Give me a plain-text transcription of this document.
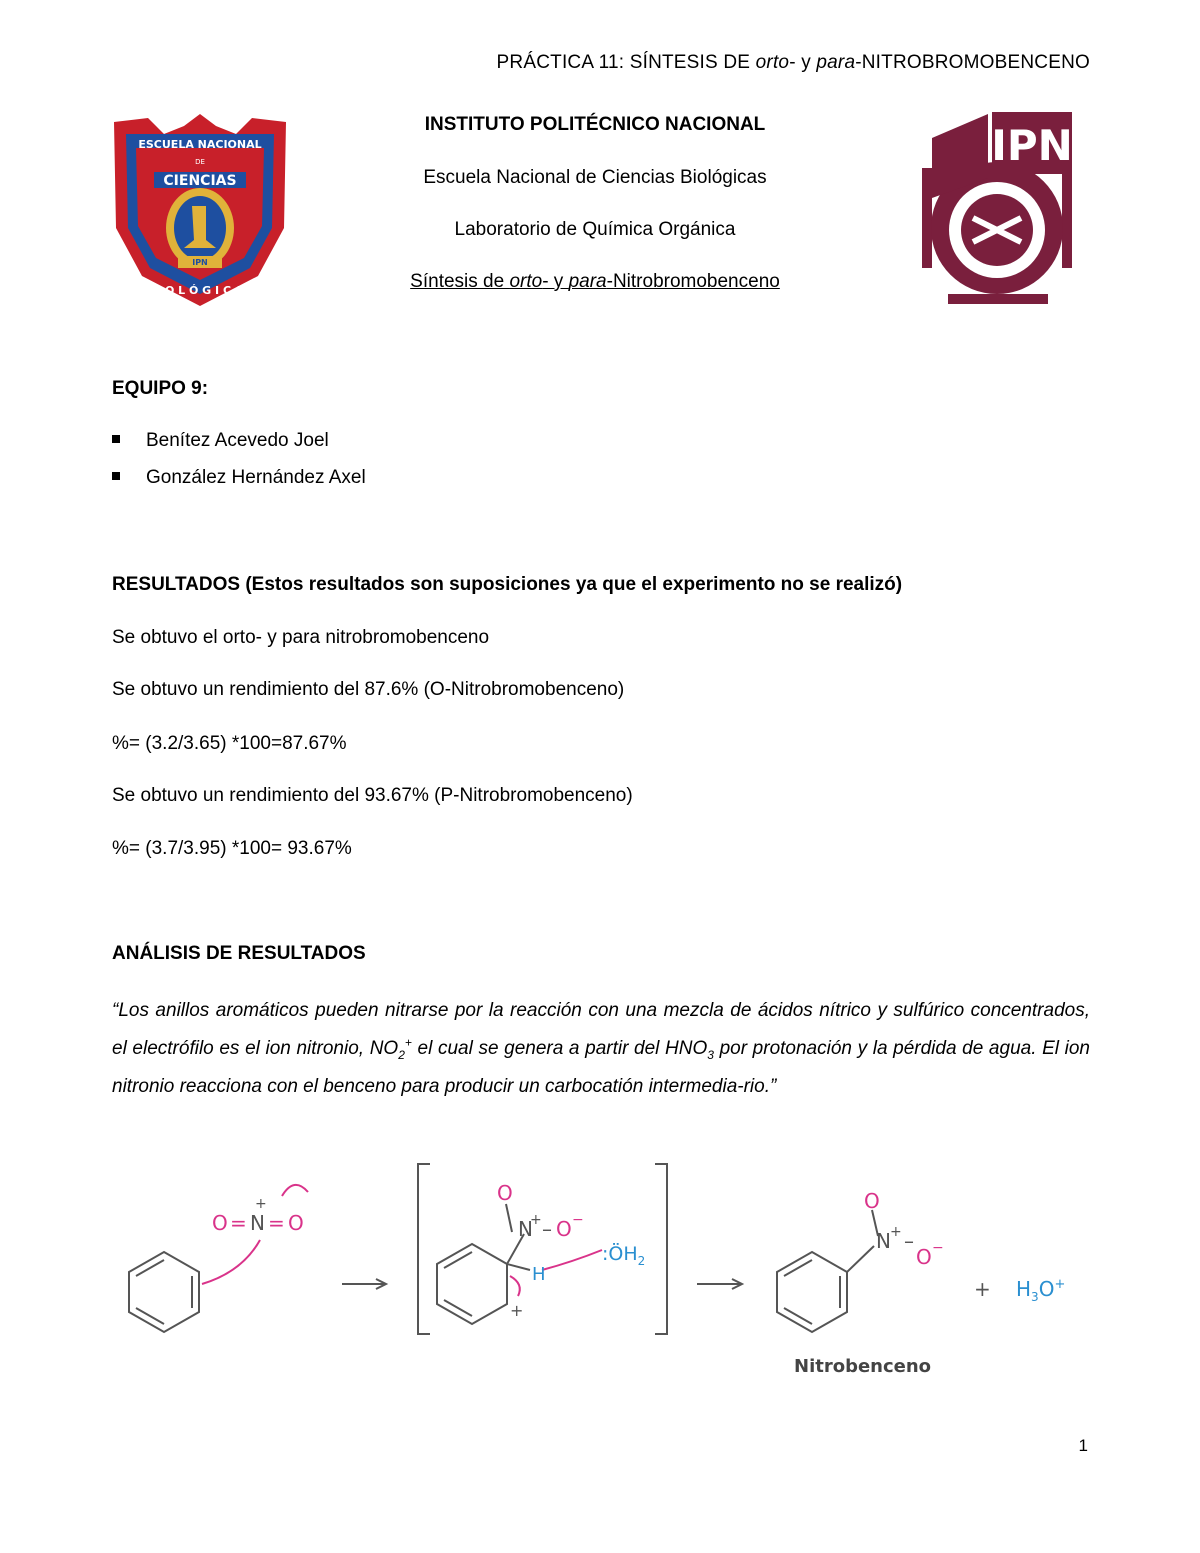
PRÁCTICA 11: SÍNTESIS DE orto- y para-NITROBROMOBENCENO
ESCUELA NACIONAL
DE
CIENCIAS
B I O L Ó G I C A S
IPN
INSTITUTO POLITÉCNICO NACIONAL
Escuela Nacional de Ciencias Biológicas
Laboratorio de Química Orgánica
Síntesis de orto- y para-Nitrobromobenceno
IPN
EQUIPO 9:
Benítez Acevedo Joel
González Hernández Axel
RESULTADOS (Estos resultados son suposiciones ya que el experimento no se realizó)
Se obtuvo el orto- y para nitrobromobenceno
Se obtuvo un rendimiento del 87.6% (O-Nitrobromobenceno)
%= (3.2/3.65) *100=87.67%
Se obtuvo un rendimiento del 93.67% (P-Nitrobromobenceno)
%= (3.7/3.95) *100= 93.67%
ANÁLISIS DE RESULTADOS
“Los anillos aromáticos pueden nitrarse por la reacción con una mezcla de ácidos nítrico y sulfúrico concentrados, el electrófilo es el ion nitronio, $NO_2^+$ el cual se genera a partir del $HNO_3$ por protonación y la pérdida de agua. El ion nitronio reacciona con el benceno para producir un carbocatión intermedia-rio.”
O = N
+
= O
O
N
+ – O −
H
$:ÖH_2$
+
O
N + –
O −
+ $H_3O^+$
Nitrobenceno
1
